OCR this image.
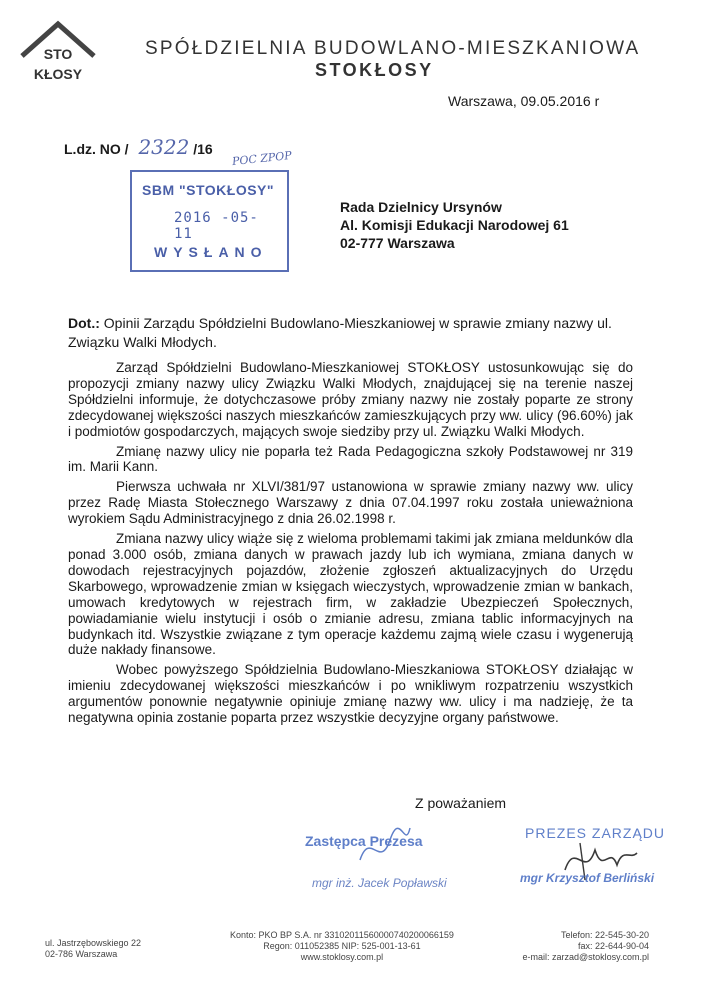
STO
KŁOSY
SPÓŁDZIELNIA BUDOWLANO-MIESZKANIOWA
STOKŁOSY
Warszawa, 09.05.2016 r
L.dz. NO / 2322 /16 POC ZPOP
SBM "STOKŁOSY"
2016 -05- 11
WYSŁANO
Rada Dzielnicy Ursynów
Al. Komisji Edukacji Narodowej 61
02-777 Warszawa
Dot.: Opinii Zarządu Spółdzielni Budowlano-Mieszkaniowej w sprawie zmiany nazwy ul. Związku Walki Młodych.

Zarząd Spółdzielni Budowlano-Mieszkaniowej STOKŁOSY ustosunkowując się do propozycji zmiany nazwy ulicy Związku Walki Młodych, znajdującej się na terenie naszej Spółdzielni informuje, że dotychczasowe próby zmiany nazwy nie zostały poparte ze strony zdecydowanej większości naszych mieszkańców zamieszkujących przy ww. ulicy (96.60%) jak i podmiotów gospodarczych, mających swoje siedziby przy ul. Związku Walki Młodych.

Zmianę nazwy ulicy nie poparła też Rada Pedagogiczna szkoły Podstawowej nr 319 im. Marii Kann.

Pierwsza uchwała nr XLVI/381/97 ustanowiona w sprawie zmiany nazwy ww. ulicy przez Radę Miasta Stołecznego Warszawy z dnia 07.04.1997 roku została unieważniona wyrokiem Sądu Administracyjnego z dnia 26.02.1998 r.

Zmiana nazwy ulicy wiąże się z wieloma problemami takimi jak zmiana meldunków dla ponad 3.000 osób, zmiana danych w prawach jazdy lub ich wymiana, zmiana danych w dowodach rejestracyjnych pojazdów, złożenie zgłoszeń aktualizacyjnych do Urzędu Skarbowego, wprowadzenie zmian w księgach wieczystych, wprowadzenie zmian w bankach, umowach kredytowych w rejestrach firm, w zakładzie Ubezpieczeń Społecznych, powiadamianie wielu instytucji i osób o zmianie adresu, zmiana tablic informacyjnych na budynkach itd. Wszystkie związane z tym operacje każdemu zajmą wiele czasu i wygenerują duże nakłady finansowe.

Wobec powyższego Spółdzielnia Budowlano-Mieszkaniowa STOKŁOSY działając w imieniu zdecydowanej większości mieszkańców i po wnikliwym rozpatrzeniu wszystkich argumentów ponownie negatywnie opiniuje zmianę nazwy ww. ulicy i ma nadzieję, że ta negatywna opinia zostanie poparta przez wszystkie decyzyjne organy państwowe.

Z poważaniem
Zastępca Prezesa
mgr inż. Jacek Popławski
PREZES ZARZĄDU
mgr Krzysztof Berliński
ul. Jastrzębowskiego 22
02-786 Warszawa
Konto: PKO BP S.A. nr 33102011560000740200066159
Regon: 011052385 NIP: 525-001-13-61
www.stoklosy.com.pl
Telefon: 22-545-30-20
fax: 22-644-90-04
e-mail: zarzad@stoklosy.com.pl
